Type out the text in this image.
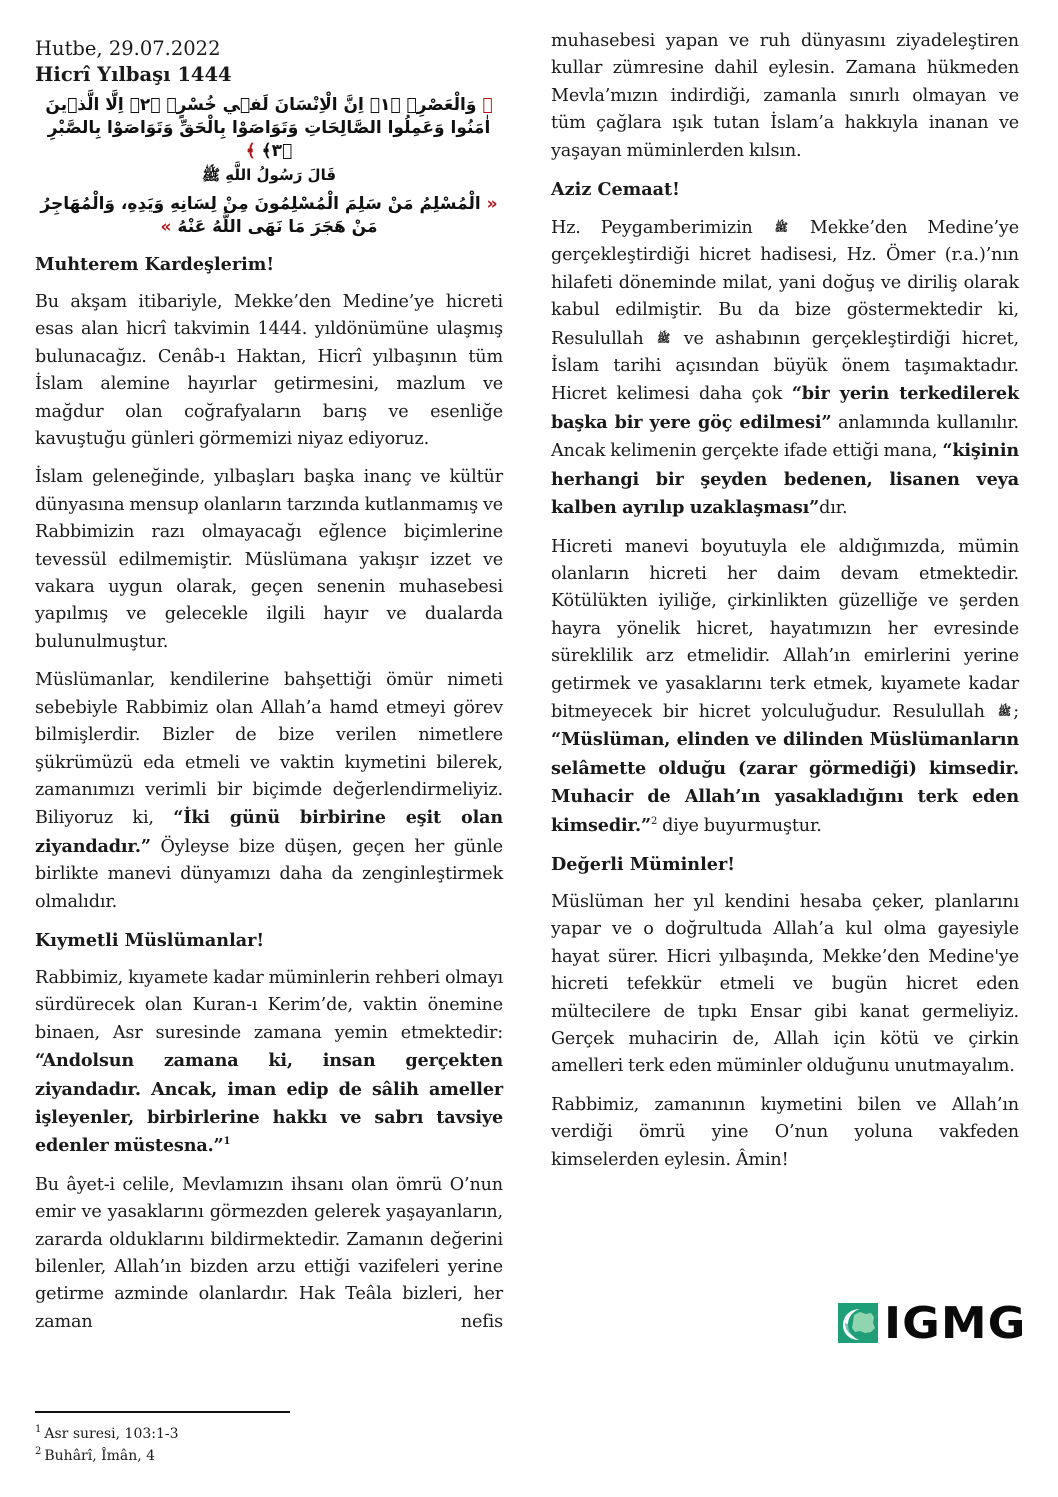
Hutbe, 29.07.2022

Hicrî Yılbaşı 1444

﴿ وَالْعَصْرِۙ ﴿١﴾ اِنَّ الْاِنْسَانَ لَف۪ي خُسْرٍۙ ﴿٢﴾ اِلَّا الَّذ۪ينَ اٰمَنُوا وَعَمِلُوا الصَّالِحَاتِ وَتَوَاصَوْا بِالْحَقِّ وَتَوَاصَوْا بِالصَّبْرِ ﴿٣﴾ ﴾

قَالَ رَسُولُ اللَّهِ ﷺ

« الْمُسْلِمُ مَنْ سَلِمَ الْمُسْلِمُونَ مِنْ لِسَانِهِ وَيَدِهِ، وَالْمُهَاجِرُ مَنْ هَجَرَ مَا نَهَى اللَّهُ عَنْهُ »

Muhterem Kardeşlerim!

Bu akşam itibariyle, Mekke’den Medine’ye hicreti esas alan hicrî takvimin 1444. yıldönümüne ulaşmış bulunacağız. Cenâb-ı Haktan, Hicrî yılbaşının tüm İslam alemine hayırlar getirmesini, mazlum ve mağdur olan coğrafyaların barış ve esenliğe kavuştuğu günleri görmemizi niyaz ediyoruz.

İslam geleneğinde, yılbaşları başka inanç ve kültür dünyasına mensup olanların tarzında kutlanmamış ve Rabbimizin razı olmayacağı eğlence biçimlerine tevessül edilmemiştir. Müslümana yakışır izzet ve vakara uygun olarak, geçen senenin muhasebesi yapılmış ve gelecekle ilgili hayır ve dualarda bulunulmuştur.

Müslümanlar, kendilerine bahşettiği ömür nimeti sebebiyle Rabbimiz olan Allah’a hamd etmeyi görev bilmişlerdir. Bizler de bize verilen nimetlere şükrümüzü eda etmeli ve vaktin kıymetini bilerek, zamanımızı verimli bir biçimde değerlendirmeliyiz. Biliyoruz ki, “İki günü birbirine eşit olan ziyandadır.” Öyleyse bize düşen, geçen her günle birlikte manevi dünyamızı daha da zenginleştirmek olmalıdır.

Kıymetli Müslümanlar!

Rabbimiz, kıyamete kadar müminlerin rehberi olmayı sürdürecek olan Kuran-ı Kerim’de, vaktin önemine binaen, Asr suresinde zamana yemin etmektedir: “Andolsun zamana ki, insan gerçekten ziyandadır. Ancak, iman edip de sâlih ameller işleyenler, birbirlerine hakkı ve sabrı tavsiye edenler müstesna.”$^1$

Bu âyet-i celile, Mevlamızın ihsanı olan ömrü O’nun emir ve yasaklarını görmezden gelerek yaşayanların, zararda olduklarını bildirmektedir. Zamanın değerini bilenler, Allah’ın bizden arzu ettiği vazifeleri yerine getirme azminde olanlardır. Hak Teâla bizleri, her zaman nefis

muhasebesi yapan ve ruh dünyasını ziyadeleştiren kullar zümresine dahil eylesin. Zamana hükmeden Mevla’mızın indirdiği, zamanla sınırlı olmayan ve tüm çağlara ışık tutan İslam’a hakkıyla inanan ve yaşayan müminlerden kılsın.

Aziz Cemaat!

Hz. Peygamberimizin ﷺ Mekke’den Medine’ye gerçekleştirdiği hicret hadisesi, Hz. Ömer (r.a.)’nın hilafeti döneminde milat, yani doğuş ve diriliş olarak kabul edilmiştir. Bu da bize göstermektedir ki, Resulullah ﷺ ve ashabının gerçekleştirdiği hicret, İslam tarihi açısından büyük önem taşımaktadır. Hicret kelimesi daha çok “bir yerin terkedilerek başka bir yere göç edilmesi” anlamında kullanılır. Ancak kelimenin gerçekte ifade ettiği mana, “kişinin herhangi bir şeyden bedenen, lisanen veya kalben ayrılıp uzaklaşması”dır.

Hicreti manevi boyutuyla ele aldığımızda, mümin olanların hicreti her daim devam etmektedir. Kötülükten iyiliğe, çirkinlikten güzelliğe ve şerden hayra yönelik hicret, hayatımızın her evresinde süreklilik arz etmelidir. Allah’ın emirlerini yerine getirmek ve yasaklarını terk etmek, kıyamete kadar bitmeyecek bir hicret yolculuğudur. Resulullah ﷺ ; “Müslüman, elinden ve dilinden Müslümanların selâmette olduğu (zarar görmediği) kimsedir. Muhacir de Allah’ın yasakladığını terk eden kimsedir.”$^2$ diye buyurmuştur.

Değerli Müminler!

Müslüman her yıl kendini hesaba çeker, planlarını yapar ve o doğrultuda Allah’a kul olma gayesiyle hayat sürer. Hicri yılbaşında, Mekke’den Medine'ye hicreti tefekkür etmeli ve bugün hicret eden mültecilere de tıpkı Ensar gibi kanat germeliyiz. Gerçek muhacirin de, Allah için kötü ve çirkin amelleri terk eden müminler olduğunu unutmayalım.

Rabbimiz, zamanının kıymetini bilen ve Allah’ın verdiği ömrü yine O’nun yoluna vakfeden kimselerden eylesin. Âmin!

IGMG

$^1$ Asr suresi, 103:1-3

$^2$ Buhârî, Îmân, 4
